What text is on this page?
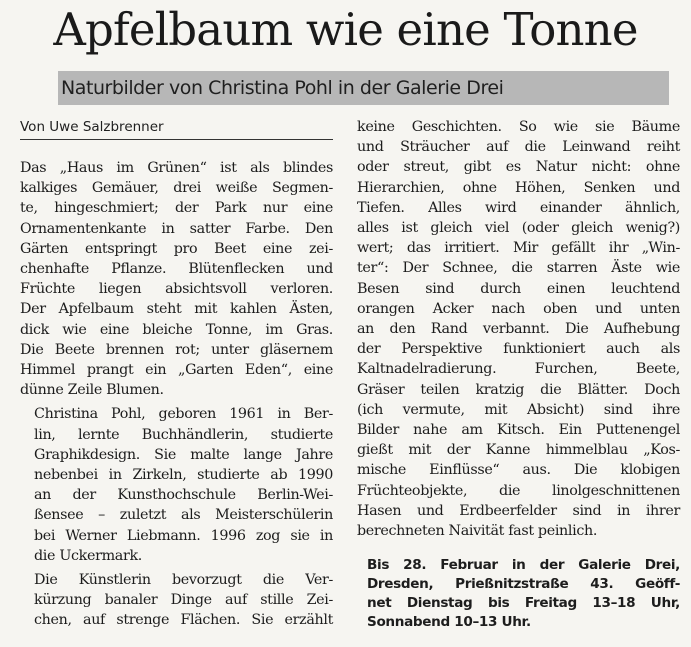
Apfelbaum wie eine Tonne
Naturbilder von Christina Pohl in der Galerie Drei
Von Uwe Salzbrenner

Das „Haus im Grünen“ ist als blindes
kalkiges Gemäuer, drei weiße Segmen-
te, hingeschmiert; der Park nur eine
Ornamentenkante in satter Farbe. Den
Gärten entspringt pro Beet eine zei-
chenhafte Pflanze. Blütenflecken und
Früchte liegen absichtsvoll verloren.
Der Apfelbaum steht mit kahlen Ästen,
dick wie eine bleiche Tonne, im Gras.
Die Beete brennen rot; unter gläsernem
Himmel prangt ein „Garten Eden“, eine
dünne Zeile Blumen.

Christina Pohl, geboren 1961 in Ber-
lin, lernte Buchhändlerin, studierte
Graphikdesign. Sie malte lange Jahre
nebenbei in Zirkeln, studierte ab 1990
an der Kunsthochschule Berlin-Wei-
ßensee – zuletzt als Meisterschülerin
bei Werner Liebmann. 1996 zog sie in
die Uckermark.

Die Künstlerin bevorzugt die Ver-
kürzung banaler Dinge auf stille Zei-
chen, auf strenge Flächen. Sie erzählt

keine Geschichten. So wie sie Bäume
und Sträucher auf die Leinwand reiht
oder streut, gibt es Natur nicht: ohne
Hierarchien, ohne Höhen, Senken und
Tiefen. Alles wird einander ähnlich,
alles ist gleich viel (oder gleich wenig?)
wert; das irritiert. Mir gefällt ihr „Win-
ter“: Der Schnee, die starren Äste wie
Besen sind durch einen leuchtend
orangen Acker nach oben und unten
an den Rand verbannt. Die Aufhebung
der Perspektive funktioniert auch als
Kaltnadelradierung. Furchen, Beete,
Gräser teilen kratzig die Blätter. Doch
(ich vermute, mit Absicht) sind ihre
Bilder nahe am Kitsch. Ein Puttenengel
gießt mit der Kanne himmelblau „Kos-
mische Einflüsse“ aus. Die klobigen
Früchteobjekte, die linolgeschnittenen
Hasen und Erdbeerfelder sind in ihrer
berechneten Naivität fast peinlich.

Bis 28. Februar in der Galerie Drei,
Dresden, Prießnitzstraße 43. Geöff-
net Dienstag bis Freitag 13–18 Uhr,
Sonnabend 10–13 Uhr.
